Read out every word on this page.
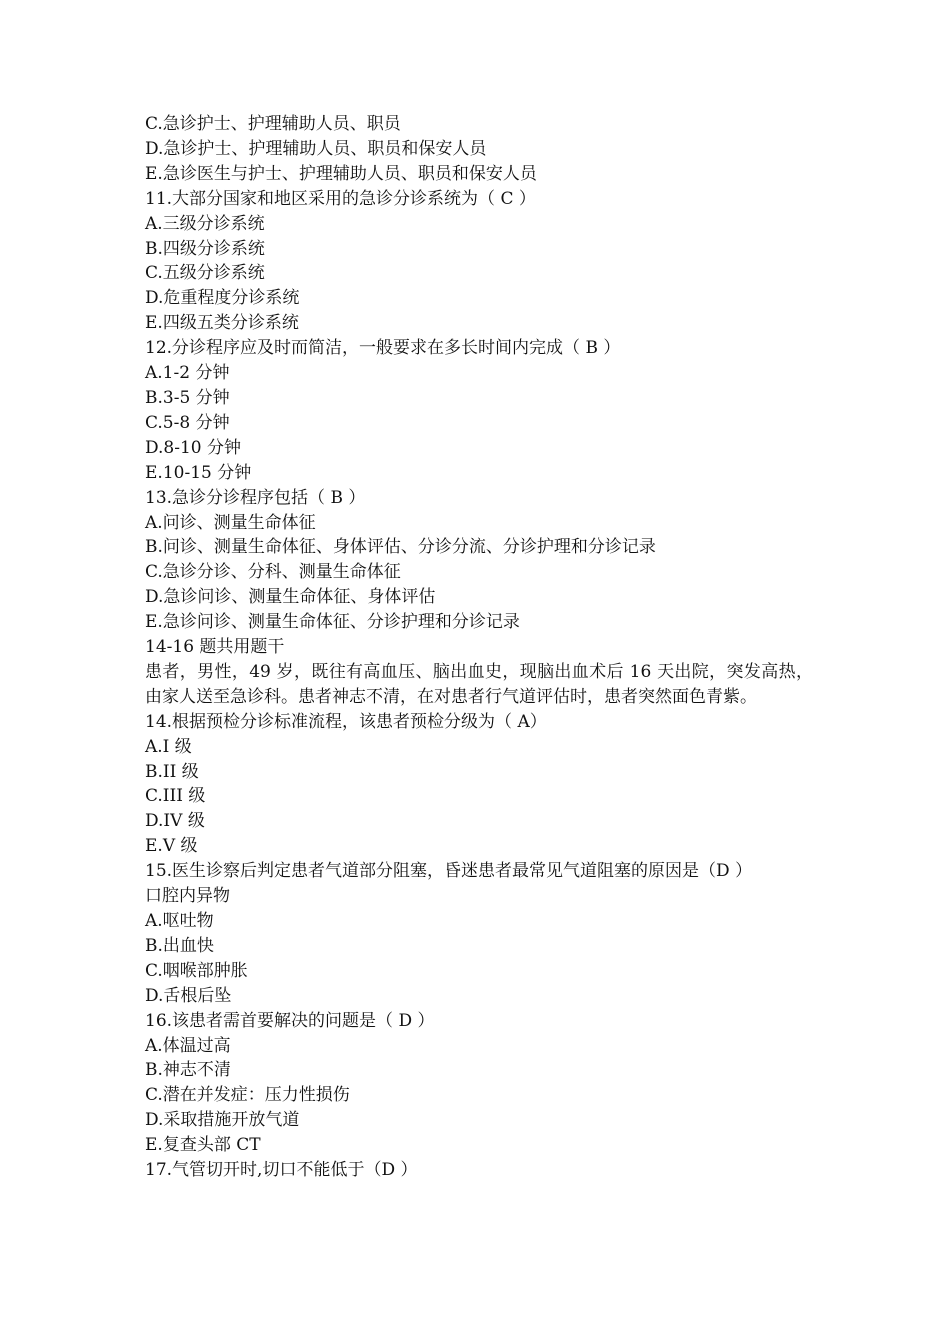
C.急诊护士、护理辅助人员、职员
D.急诊护士、护理辅助人员、职员和保安人员
E.急诊医生与护士、护理辅助人员、职员和保安人员
11.大部分国家和地区采用的急诊分诊系统为（ C ）
A.三级分诊系统
B.四级分诊系统
C.五级分诊系统
D.危重程度分诊系统
E.四级五类分诊系统
12.分诊程序应及时而简洁，一般要求在多长时间内完成（ B ）
A.1-2 分钟
B.3-5 分钟
C.5-8 分钟
D.8-10 分钟
E.10-15 分钟
13.急诊分诊程序包括（ B ）
A.问诊、测量生命体征
B.问诊、测量生命体征、身体评估、分诊分流、分诊护理和分诊记录
C.急诊分诊、分科、测量生命体征
D.急诊问诊、测量生命体征、身体评估
E.急诊问诊、测量生命体征、分诊护理和分诊记录
14-16 题共用题干

患者，男性，49 岁，既往有高血压、脑出血史，现脑出血术后 16 天出院，突发高热，由家人送至急诊科。患者神志不清，在对患者行气道评估时，患者突然面色青紫。

14.根据预检分诊标准流程，该患者预检分级为（ A）
A.I 级
B.II 级
C.III 级
D.IV 级
E.V 级
15.医生诊察后判定患者气道部分阻塞，昏迷患者最常见气道阻塞的原因是（D ）
口腔内异物
A.呕吐物
B.出血快
C.咽喉部肿胀
D.舌根后坠
16.该患者需首要解决的问题是（ D ）
A.体温过高
B.神志不清
C.潜在并发症：压力性损伤
D.采取措施开放气道
E.复查头部 CT
17.气管切开时,切口不能低于（D ）
